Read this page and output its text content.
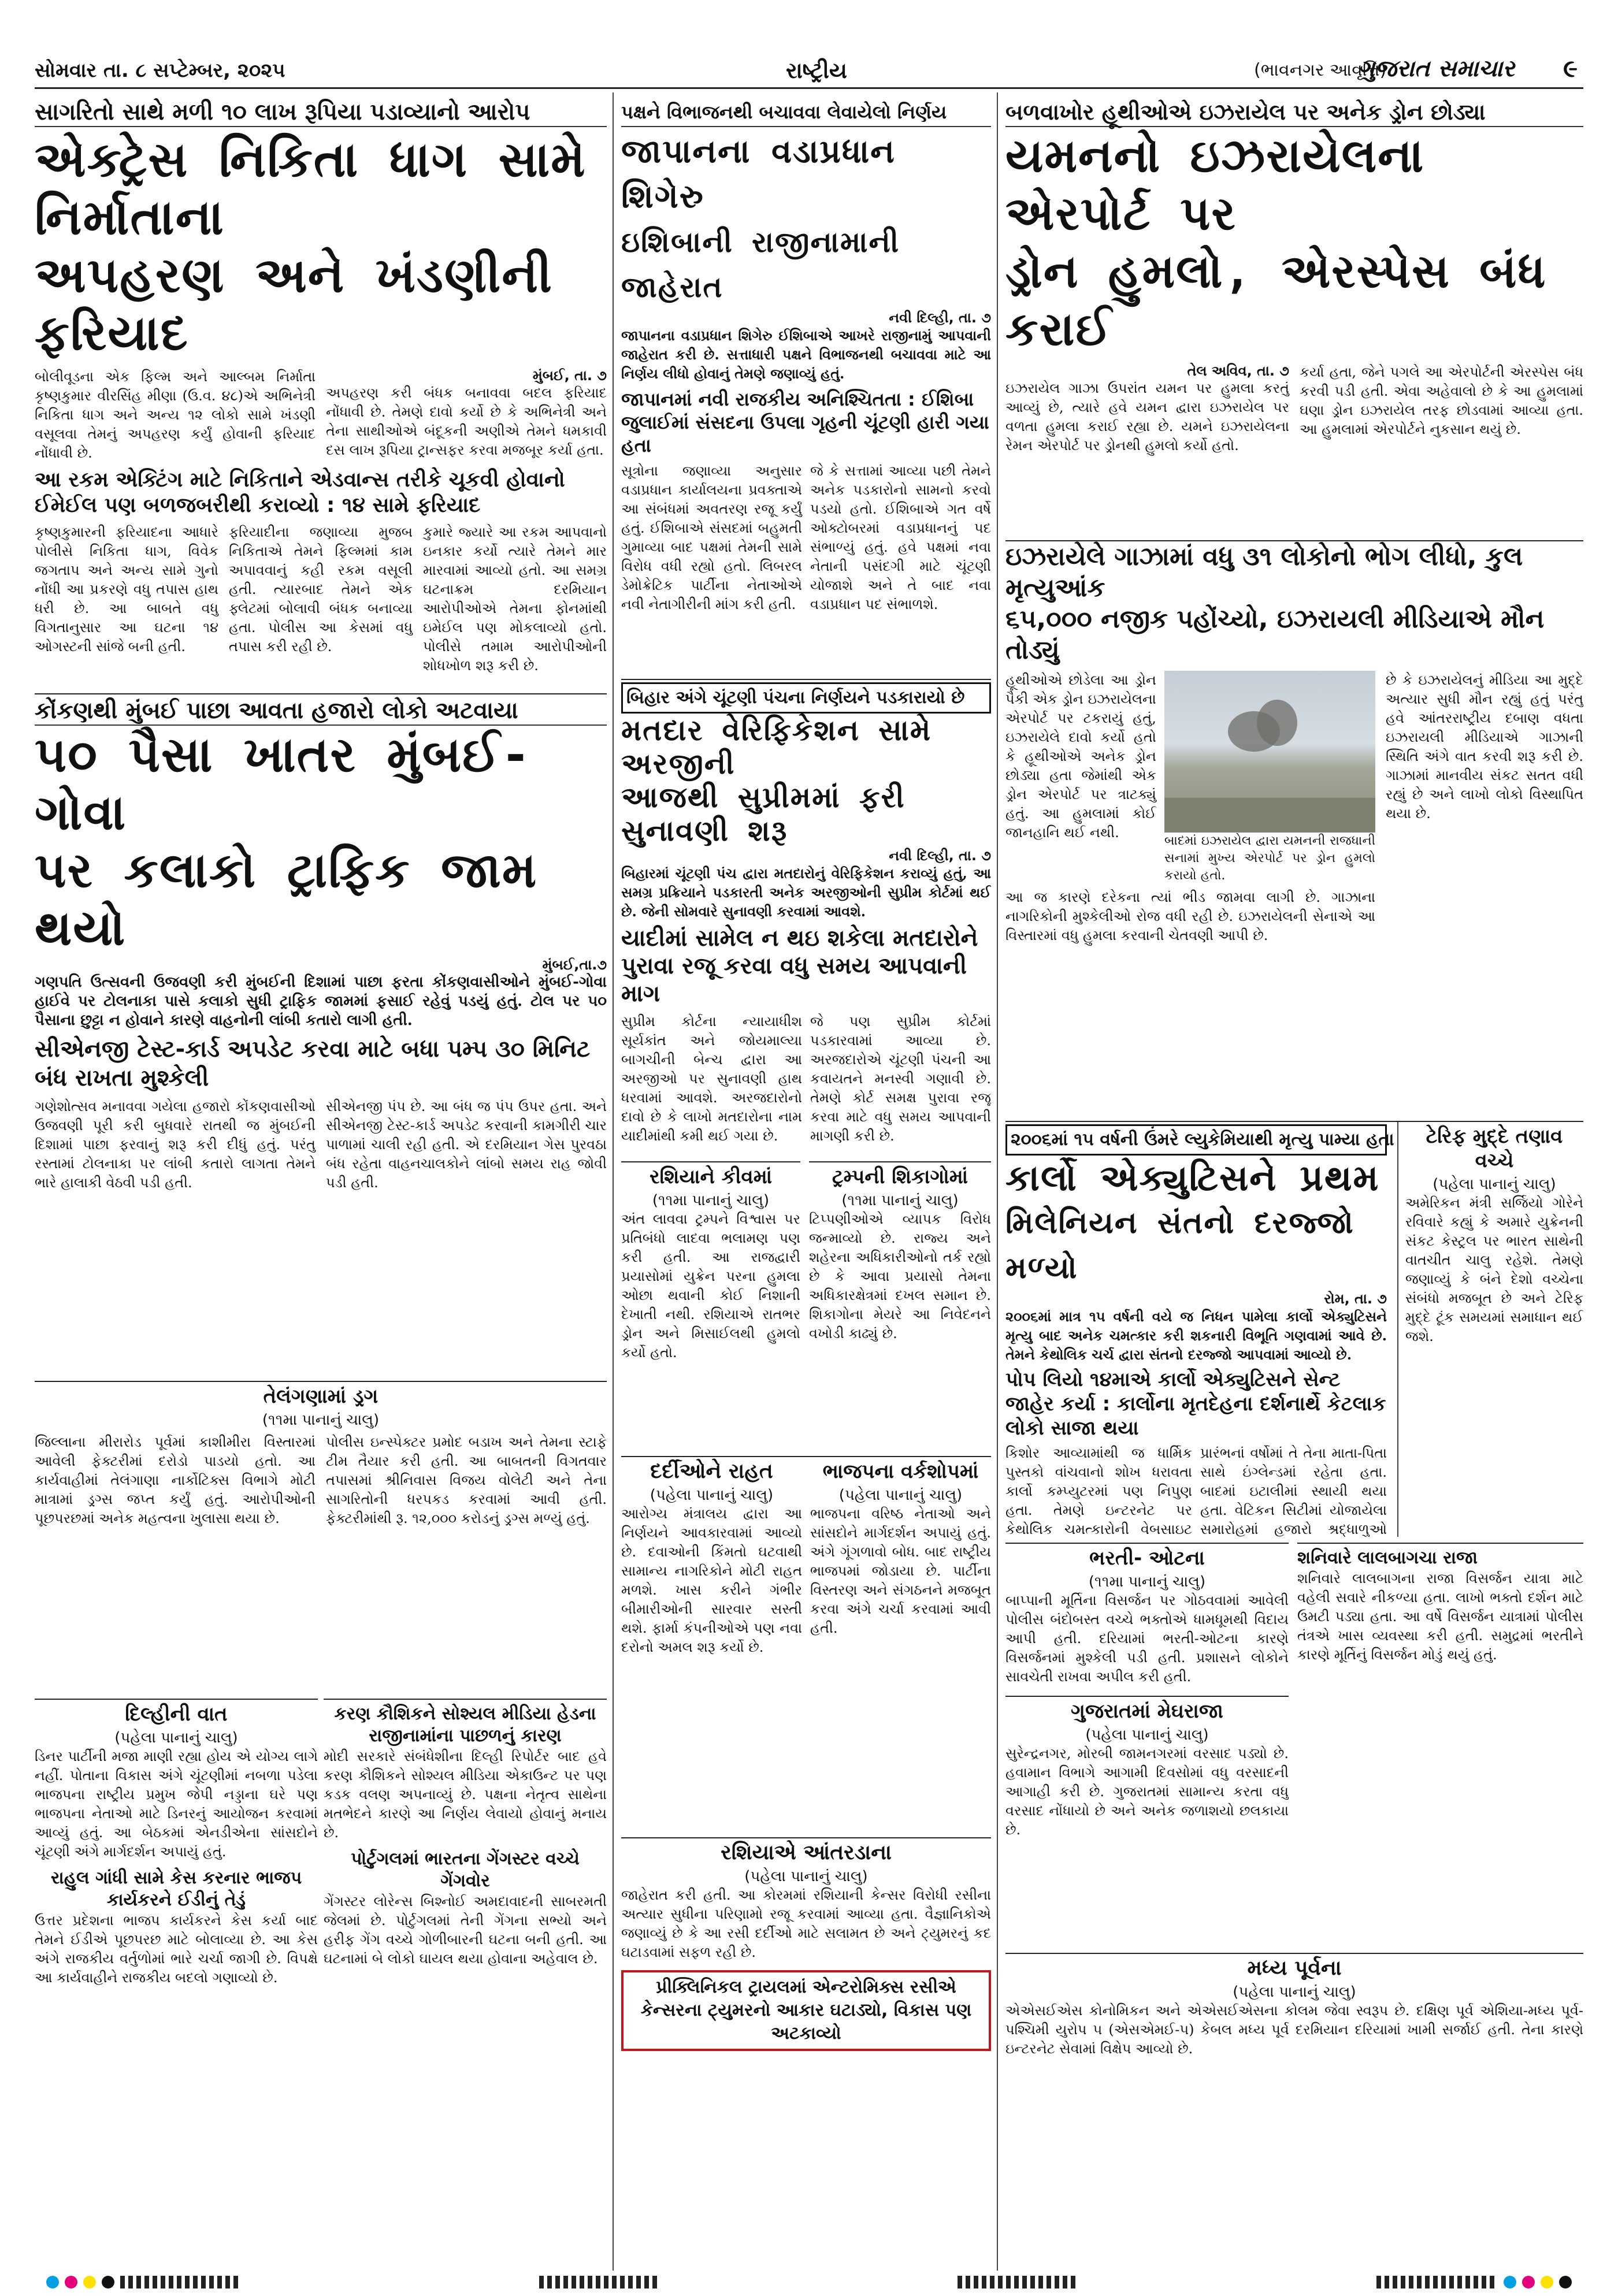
સોમવાર તા. ૮ સપ્ટેમ્બર, ૨૦૨૫	રાષ્ટ્રીય	(ભાવનગર આવૃત્તિ)
ગુજરાત સમાચાર ૯
સાગરિતો સાથે મળી ૧૦ લાખ રૂપિયા પડાવ્યાનો આરોપ
એક્ટ્રેસ નિકિતા ધાગ સામે નિર્માતાના
અપહરણ અને ખંડણીની ફરિયાદ
બોલીવૂડના એક ફિલ્મ અને આલ્બમ નિર્માતા કૃષ્ણકુમાર વીરસિંહ મીણા (ઉ.વ. ૪૮)એ અભિનેત્રી નિકિતા ધાગ અને અન્ય ૧૨ લોકો સામે ખંડણી વસૂલવા તેમનું અપહરણ કર્યું હોવાની ફરિયાદ નોંધાવી છે.
મુંબઈ, તા. ૭
અપહરણ કરી બંધક બનાવવા બદલ ફરિયાદ નોંધાવી છે. તેમણે દાવો કર્યો છે કે અભિનેત્રી અને તેના સાથીઓએ બંદૂકની અણીએ તેમને ધમકાવી દસ લાખ રૂપિયા ટ્રાન્સફર કરવા મજબૂર કર્યા હતા.
આ રકમ એક્ટિંગ માટે નિકિતાને એડવાન્સ તરીકે ચૂકવી હોવાનો ઈમેઈલ પણ બળજબરીથી કરાવ્યો : ૧૪ સામે ફરિયાદ
કૃષ્ણકુમારની ફરિયાદના આધારે પોલીસે નિકિતા ધાગ, વિવેક જગતાપ અને અન્ય સામે ગુનો નોંધી આ પ્રકરણે વધુ તપાસ હાથ ધરી છે. આ બાબતે વધુ વિગતાનુસાર આ ઘટના ૧૪ ઓગસ્ટની સાંજે બની હતી.
ફરિયાદીના જણાવ્યા મુજબ નિકિતાએ તેમને ફિલ્મમાં કામ અપાવવાનું કહી રકમ વસૂલી હતી. ત્યારબાદ તેમને એક ફ્લેટમાં બોલાવી બંધક બનાવ્યા હતા. પોલીસ આ કેસમાં વધુ તપાસ કરી રહી છે.
કુમારે જ્યારે આ રકમ આપવાનો ઇનકાર કર્યો ત્યારે તેમને માર મારવામાં આવ્યો હતો. આ સમગ્ર ઘટનાક્રમ દરમિયાન આરોપીઓએ તેમના ફોનમાંથી ઇમેઈલ પણ મોકલાવ્યો હતો. પોલીસે તમામ આરોપીઓની શોધખોળ શરૂ કરી છે.
કોંકણથી મુંબઈ પાછા આવતા હજારો લોકો અટવાયા
૫૦ પૈસા ખાતર મુંબઈ-ગોવા
પર કલાકો ટ્રાફિક જામ થયો
મુંબઈ,તા.૭
ગણપતિ ઉત્સવની ઉજવણી કરી મુંબઈની દિશામાં પાછા ફરતા કોંકણવાસીઓને મુંબઈ-ગોવા હાઈવે પર ટોલનાકા પાસે કલાકો સુધી ટ્રાફિક જામમાં ફસાઈ રહેવું પડયું હતું. ટોલ પર ૫૦ પૈસાના છુટ્ટા ન હોવાને કારણે વાહનોની લાંબી કતારો લાગી હતી.
સીએનજી ટેસ્ટ-કાર્ડ અપડેટ કરવા માટે બધા પમ્પ ૩૦ મિનિટ બંધ રાખતા મુશ્કેલી
ગણેશોત્સવ મનાવવા ગયેલા હજારો કોંકણવાસીઓ ઉજવણી પૂરી કરી બુધવારે રાતથી જ મુંબઈની દિશામાં પાછા ફરવાનું શરૂ કરી દીધું હતું. પરંતુ રસ્તામાં ટોલનાકા પર લાંબી કતારો લાગતા તેમને ભારે હાલાકી વેઠવી પડી હતી.
સીએનજી પંપ છે. આ બંધ જ પંપ ઉપર હતા. અને સીએનજી ટેસ્ટ-કાર્ડ અપડેટ કરવાની કામગીરી ચાર પાળામાં ચાલી રહી હતી. એ દરમિયાન ગેસ પુરવઠા બંધ રહેતા વાહનચાલકોને લાંબો સમય રાહ જોવી પડી હતી.
તેલંગણામાં ડ્રગ
(૧૧મા પાનાનું ચાલુ)
જિલ્લાના મીરારોડ પૂર્વમાં કાશીમીરા વિસ્તારમાં આવેલી ફેક્ટરીમાં દરોડો પાડયો હતો. આ કાર્યવાહીમાં તેલંગાણા નાર્કોટિક્સ વિભાગે મોટી માત્રામાં ડ્રગ્સ જપ્ત કર્યું હતું. આરોપીઓની પૂછપરછમાં અનેક મહત્વના ખુલાસા થયા છે.
પોલીસ ઇન્સ્પેક્ટર પ્રમોદ બડાખ અને તેમના સ્ટાફે ટીમ તૈયાર કરી હતી. આ બાબતની વિગતવાર તપાસમાં શ્રીનિવાસ વિજય વોલેટી અને તેના સાગરિતોની ધરપકડ કરવામાં આવી હતી. ફેક્ટરીમાંથી રૂ. ૧૨,૦૦૦ કરોડનું ડ્રગ્સ મળ્યું હતું.
દિલ્હીની વાત
(પહેલા પાનાનું ચાલુ)
ડિનર પાર્ટીની મજા માણી રહ્યા હોય એ યોગ્ય લાગે નહીં. પોતાના વિકાસ અંગે ચૂંટણીમાં નબળા પડેલા ભાજપના રાષ્ટ્રીય પ્રમુખ જેપી નડ્ડાના ઘરે પણ ભાજપના નેતાઓ માટે ડિનરનું આયોજન કરવામાં આવ્યું હતું. આ બેઠકમાં એનડીએના સાંસદોને ચૂંટણી અંગે માર્ગદર્શન અપાયું હતું.
રાહુલ ગાંધી સામે કેસ કરનાર ભાજપ કાર્યકરને ઈડીનું તેડું
ઉત્તર પ્રદેશના ભાજપ કાર્યકરને કેસ કર્યા બાદ તેમને ઈડીએ પૂછપરછ માટે બોલાવ્યા છે. આ કેસ અંગે રાજકીય વર્તુળોમાં ભારે ચર્ચા જાગી છે. વિપક્ષે આ કાર્યવાહીને રાજકીય બદલો ગણાવ્યો છે.
કરણ કૌશિકને સોશ્યલ મીડિયા હેડના રાજીનામાંના પાછળનું કારણ
મોદી સરકારે સંબંધેશીના દિલ્હી રિપોર્ટર બાદ હવે કરણ કૌશિકને સોશ્યલ મીડિયા એકાઉન્ટ પર પણ કડક વલણ અપનાવ્યું છે. પક્ષના નેતૃત્વ સાથેના મતભેદને કારણે આ નિર્ણય લેવાયો હોવાનું મનાય છે.
પોર્ટુગલમાં ભારતના ગેંગસ્ટર વચ્ચે ગેંગવોર
ગેંગસ્ટર લોરેન્સ બિશ્નોઈ અમદાવાદની સાબરમતી જેલમાં છે. પોર્ટુગલમાં તેની ગેંગના સભ્યો અને હરીફ ગેંગ વચ્ચે ગોળીબારની ઘટના બની હતી. આ ઘટનામાં બે લોકો ઘાયલ થયા હોવાના અહેવાલ છે.
પક્ષને વિભાજનથી બચાવવા લેવાયેલો નિર્ણય
જાપાનના વડાપ્રધાન શિગેરુ
ઇશિબાની રાજીનામાની જાહેરાત
નવી દિલ્હી, તા. ૭
જાપાનના વડાપ્રધાન શિગેરુ ઈશિબાએ આખરે રાજીનામું આપવાની જાહેરાત કરી છે. સત્તાધારી પક્ષને વિભાજનથી બચાવવા માટે આ નિર્ણય લીધો હોવાનું તેમણે જણાવ્યું હતું.
જાપાનમાં નવી રાજકીય અનિશ્ચિતતા : ઈશિબા જુલાઈમાં સંસદના ઉપલા ગૃહની ચૂંટણી હારી ગયા હતા
સૂત્રોના જણાવ્યા અનુસાર વડાપ્રધાન કાર્યાલયના પ્રવક્તાએ આ સંબંધમાં અવતરણ રજૂ કર્યું હતું. ઈશિબાએ સંસદમાં બહુમતી ગુમાવ્યા બાદ પક્ષમાં તેમની સામે વિરોધ વધી રહ્યો હતો. લિબરલ ડેમોક્રેટિક પાર્ટીના નેતાઓએ નવી નેતાગીરીની માંગ કરી હતી.
જે કે સત્તામાં આવ્યા પછી તેમને અનેક પડકારોનો સામનો કરવો પડયો હતો. ઈશિબાએ ગત વર્ષે ઓક્ટોબરમાં વડાપ્રધાનનું પદ સંભાળ્યું હતું. હવે પક્ષમાં નવા નેતાની પસંદગી માટે ચૂંટણી યોજાશે અને તે બાદ નવા વડાપ્રધાન પદ સંભાળશે.
બિહાર અંગે ચૂંટણી પંચના નિર્ણયને પડકારાયો છે
મતદાર વેરિફિકેશન સામે અરજીની
આજથી સુપ્રીમમાં ફરી સુનાવણી શરૂ
નવી દિલ્હી, તા. ૭
બિહારમાં ચૂંટણી પંચ દ્વારા મતદારોનું વેરિફિકેશન કરાવ્યું હતું, આ સમગ્ર પ્રક્રિયાને પડકારતી અનેક અરજીઓની સુપ્રીમ કોર્ટમાં થઈ છે. જેની સોમવારે સુનાવણી કરવામાં આવશે.
યાદીમાં સામેલ ન થઇ શકેલા મતદારોને પુરાવા રજૂ કરવા વધુ સમય આપવાની માગ
સુપ્રીમ કોર્ટના ન્યાયાધીશ સૂર્યકાંત અને જોયમાલ્યા બાગચીની બેન્ચ દ્વારા આ અરજીઓ પર સુનાવણી હાથ ધરવામાં આવશે. અરજદારોનો દાવો છે કે લાખો મતદારોના નામ યાદીમાંથી કમી થઈ ગયા છે.
જે પણ સુપ્રીમ કોર્ટમાં પડકારવામાં આવ્યા છે. અરજદારોએ ચૂંટણી પંચની આ કવાયતને મનસ્વી ગણાવી છે. તેમણે કોર્ટ સમક્ષ પુરાવા રજૂ કરવા માટે વધુ સમય આપવાની માગણી કરી છે.
રશિયાને કીવમાં
(૧૧મા પાનાનું ચાલુ)
અંત લાવવા ટ્રમ્પને વિશ્વાસ પર પ્રતિબંધો લાદવા ભલામણ પણ કરી હતી. આ રાજદ્વારી પ્રયાસોમાં યુક્રેન પરના હુમલા ઓછા થવાની કોઈ નિશાની દેખાતી નથી. રશિયાએ રાતભર ડ્રોન અને મિસાઈલથી હુમલો કર્યો હતો.
ટ્રમ્પની શિકાગોમાં
(૧૧મા પાનાનું ચાલુ)
ટિપ્પણીઓએ વ્યાપક વિરોધ જન્માવ્યો છે. રાજ્ય અને શહેરના અધિકારીઓનો તર્ક રહ્યો છે કે આવા પ્રયાસો તેમના અધિકારક્ષેત્રમાં દખલ સમાન છે. શિકાગોના મેયરે આ નિવેદનને વખોડી કાઢ્યું છે.
દર્દીઓને રાહત
(પહેલા પાનાનું ચાલુ)
આરોગ્ય મંત્રાલય દ્વારા આ નિર્ણયને આવકારવામાં આવ્યો છે. દવાઓની કિંમતો ઘટવાથી સામાન્ય નાગરિકોને મોટી રાહત મળશે. ખાસ કરીને ગંભીર બીમારીઓની સારવાર સસ્તી થશે. ફાર્મા કંપનીઓએ પણ નવા દરોનો અમલ શરૂ કર્યો છે.
ભાજપના વર્કશોપમાં
(પહેલા પાનાનું ચાલુ)
ભાજપના વરિષ્ઠ નેતાઓ અને સાંસદોને માર્ગદર્શન અપાયું હતું. અંગે ગૂંગળાવો બોધ. બાદ રાષ્ટ્રીય ભાજપમાં જોડાયા છે. પાર્ટીના વિસ્તરણ અને સંગઠનને મજબૂત કરવા અંગે ચર્ચા કરવામાં આવી હતી.
રશિયાએ આંતરડાના
(પહેલા પાનાનું ચાલુ)
જાહેરાત કરી હતી. આ કોરમમાં રશિયાની કેન્સર વિરોધી રસીના અત્યાર સુધીના પરિણામો રજૂ કરવામાં આવ્યા હતા. વૈજ્ઞાનિકોએ જણાવ્યું છે કે આ રસી દર્દીઓ માટે સલામત છે અને ટ્યુમરનું કદ ઘટાડવામાં સફળ રહી છે.
પ્રીક્લિનિકલ ટ્રાયલમાં એન્ટરોમિક્સ રસીએ કેન્સરના ટ્યુમરનો આકાર ઘટાડ્યો, વિકાસ પણ અટકાવ્યો
બળવાખોર હૂથીઓએ ઇઝરાયેલ પર અનેક ડ્રોન છોડ્યા
યમનનો ઇઝરાયેલના એરપોર્ટ પર
ડ્રોન હુમલો, એરસ્પેસ બંધ કરાઈ
તેલ અવિવ, તા. ૭
ઇઝરાયેલ ગાઝા ઉપરાંત યમન પર હુમલા કરતું આવ્યું છે, ત્યારે હવે યમન દ્વારા ઇઝરાયેલ પર વળતા હુમલા કરાઈ રહ્યા છે. યમને ઇઝરાયેલના રેમન એરપોર્ટ પર ડ્રોનથી હુમલો કર્યો હતો.
કર્યા હતા, જેને પગલે આ એરપોર્ટની એરસ્પેસ બંધ કરવી પડી હતી. એવા અહેવાલો છે કે આ હુમલામાં ઘણા ડ્રોન ઇઝરાયેલ તરફ છોડવામાં આવ્યા હતા. આ હુમલામાં એરપોર્ટને નુકસાન થયું છે.
ઇઝરાયેલે ગાઝામાં વધુ ૩૧ લોકોનો ભોગ લીધો, કુલ મૃત્યુઆંક
૬૫,૦૦૦ નજીક પહોંચ્યો, ઇઝરાયલી મીડિયાએ મૌન તોડ્યું
હૂથીઓએ છોડેલા આ ડ્રોન પૈકી એક ડ્રોન ઇઝરાયેલના એરપોર્ટ પર ટકરાયું હતું, ઇઝરાયેલે દાવો કર્યો હતો કે હૂથીઓએ અનેક ડ્રોન છોડ્યા હતા જેમાંથી એક ડ્રોન એરપોર્ટ પર ત્રાટક્યું હતું. આ હુમલામાં કોઈ જાનહાનિ થઈ નથી.
બાદમાં ઇઝરાયેલ દ્વારા યમનની રાજધાની સનામાં મુખ્ય એરપોર્ટ પર ડ્રોન હુમલો કરાયો હતો.
આ જ કારણે દરેકના ત્યાં ભીડ જામવા લાગી છે. ગાઝાના નાગરિકોની મુશ્કેલીઓ રોજ વધી રહી છે. ઇઝરાયેલની સેનાએ આ વિસ્તારમાં વધુ હુમલા કરવાની ચેતવણી આપી છે.
છે કે ઇઝરાયેલનું મીડિયા આ મુદ્દે અત્યાર સુધી મૌન રહ્યું હતું પરંતુ હવે આંતરરાષ્ટ્રીય દબાણ વધતા ઇઝરાયલી મીડિયાએ ગાઝાની સ્થિતિ અંગે વાત કરવી શરૂ કરી છે. ગાઝામાં માનવીય સંકટ સતત વધી રહ્યું છે અને લાખો લોકો વિસ્થાપિત થયા છે.
૨૦૦૬માં ૧૫ વર્ષની ઉંમરે લ્યુકેમિયાથી મૃત્યુ પામ્યા હતા
કાર્લો એક્યુટિસને પ્રથમ
મિલેનિયન સંતનો દરજ્જો મળ્યો
રોમ, તા. ૭
૨૦૦૬માં માત્ર ૧૫ વર્ષની વયે જ નિધન પામેલા કાર્લો એક્યુટિસને મૃત્યુ બાદ અનેક ચમત્કાર કરી શકનારી વિભૂતિ ગણવામાં આવે છે. તેમને કેથોલિક ચર્ચ દ્વારા સંતનો દરજ્જો આપવામાં આવ્યો છે.
પોપ લિયો ૧૪માએ કાર્લો એક્યુટિસને સેન્ટ જાહેર કર્યા : કાર્લોના મૃતદેહના દર્શનાર્થે કેટલાક લોકો સાજા થયા
કિશોર આવ્યામાંથી જ ધાર્મિક પુસ્તકો વાંચવાનો શોખ ધરાવતા કાર્લો કમ્પ્યુટરમાં પણ નિપુણ હતા. તેમણે ઇન્ટરનેટ પર કેથોલિક ચમત્કારોની વેબસાઇટ
પ્રારંભનાં વર્ષોમાં તે તેના માતા-પિતા સાથે ઇંગ્લેન્ડમાં રહેતા હતા. બાદમાં ઇટાલીમાં સ્થાયી થયા હતા. વેટિકન સિટીમાં યોજાયેલા સમારોહમાં હજારો શ્રદ્ધાળુઓ
ટેરિફ મુદ્દે તણાવ વચ્ચે
(પહેલા પાનાનું ચાલુ)
અમેરિકન મંત્રી સર્જિયો ગોરેને રવિવારે કહ્યું કે અમારે યુક્રેનની સંકટ કેસ્ટ્રલ પર ભારત સાથેની વાતચીત ચાલુ રહેશે. તેમણે જણાવ્યું કે બંને દેશો વચ્ચેના સંબંધો મજબૂત છે અને ટેરિફ મુદ્દે ટૂંક સમયમાં સમાધાન થઈ જશે.
ભરતી- ઓટના
(૧૧મા પાનાનું ચાલુ)
બાપ્પાની મૂર્તિના વિસર્જન પર ગોઠવવામાં આવેલી પોલીસ બંદોબસ્ત વચ્ચે ભક્તોએ ધામધૂમથી વિદાય આપી હતી. દરિયામાં ભરતી-ઓટના કારણે વિસર્જનમાં મુશ્કેલી પડી હતી. પ્રશાસને લોકોને સાવચેતી રાખવા અપીલ કરી હતી.
ગુજરાતમાં મેઘરાજા
(પહેલા પાનાનું ચાલુ)
સુરેન્દ્રનગર, મોરબી જામનગરમાં વરસાદ પડ્યો છે. હવામાન વિભાગે આગામી દિવસોમાં વધુ વરસાદની આગાહી કરી છે. ગુજરાતમાં સામાન્ય કરતા વધુ વરસાદ નોંધાયો છે અને અનેક જળાશયો છલકાયા છે.
શનિવારે લાલબાગચા રાજા
શનિવારે લાલબાગના રાજા વિસર્જન યાત્રા માટે વહેલી સવારે નીકળ્યા હતા. લાખો ભક્તો દર્શન માટે ઉમટી પડ્યા હતા. આ વર્ષે વિસર્જન યાત્રામાં પોલીસ તંત્રએ ખાસ વ્યવસ્થા કરી હતી. સમુદ્રમાં ભરતીને કારણે મૂર્તિનું વિસર્જન મોડું થયું હતું.
મધ્ય પૂર્વના
(પહેલા પાનાનું ચાલુ)
એએસઈએસ કોનોમિકન અને એએસઈએસના કોલમ જેવા સ્વરૂપ છે. દક્ષિણ પૂર્વ એશિયા-મધ્ય પૂર્વ-પશ્ચિમી યુરોપ ૫ (એસએમઈ-૫) કેબલ મધ્ય પૂર્વ દરમિયાન દરિયામાં ખામી સર્જાઈ હતી. તેના કારણે ઇન્ટરનેટ સેવામાં વિક્ષેપ આવ્યો છે.
